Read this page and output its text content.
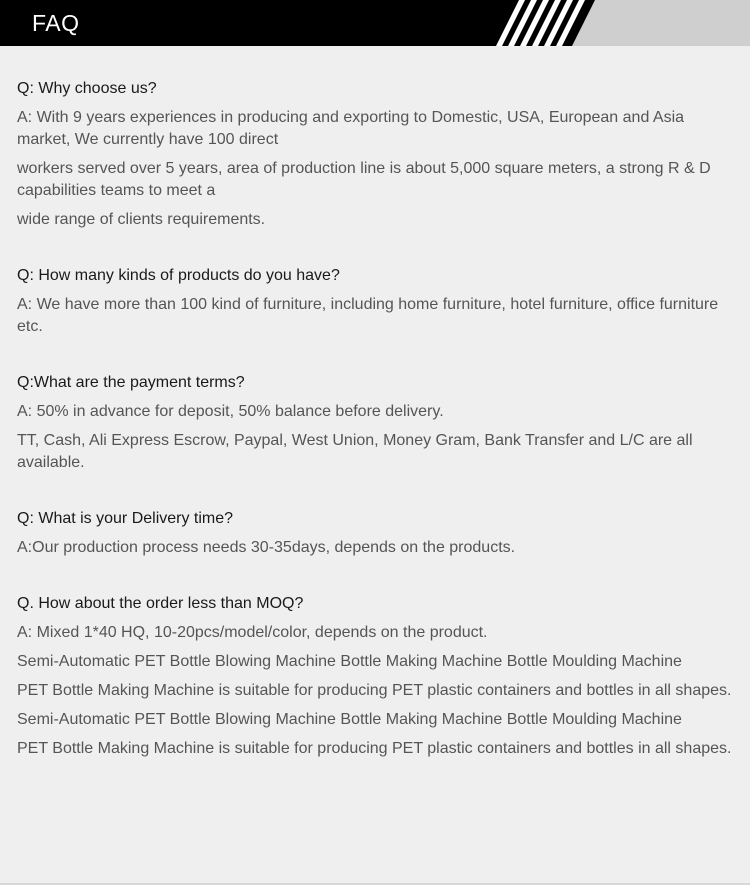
FAQ

Q: Why choose us?

A: With 9 years experiences in producing and exporting to Domestic, USA, European and Asia market, We currently have 100 direct

workers served over 5 years, area of production line is about 5,000 square meters, a strong R & D capabilities teams to meet a

wide range of clients requirements.

Q: How many kinds of products do you have?

A: We have more than 100 kind of furniture, including home furniture, hotel furniture, office furniture etc.

Q:What are the payment terms?

A: 50% in advance for deposit, 50% balance before delivery.

TT, Cash, Ali Express Escrow, Paypal, West Union, Money Gram, Bank Transfer and L/C are all available.

Q: What is your Delivery time?

A:Our production process needs 30-35days, depends on the products.

Q. How about the order less than MOQ?

A: Mixed 1*40 HQ, 10-20pcs/model/color, depends on the product.

Semi-Automatic PET Bottle Blowing Machine Bottle Making Machine Bottle Moulding Machine

PET Bottle Making Machine is suitable for producing PET plastic containers and bottles in all shapes.

Semi-Automatic PET Bottle Blowing Machine Bottle Making Machine Bottle Moulding Machine

PET Bottle Making Machine is suitable for producing PET plastic containers and bottles in all shapes.
